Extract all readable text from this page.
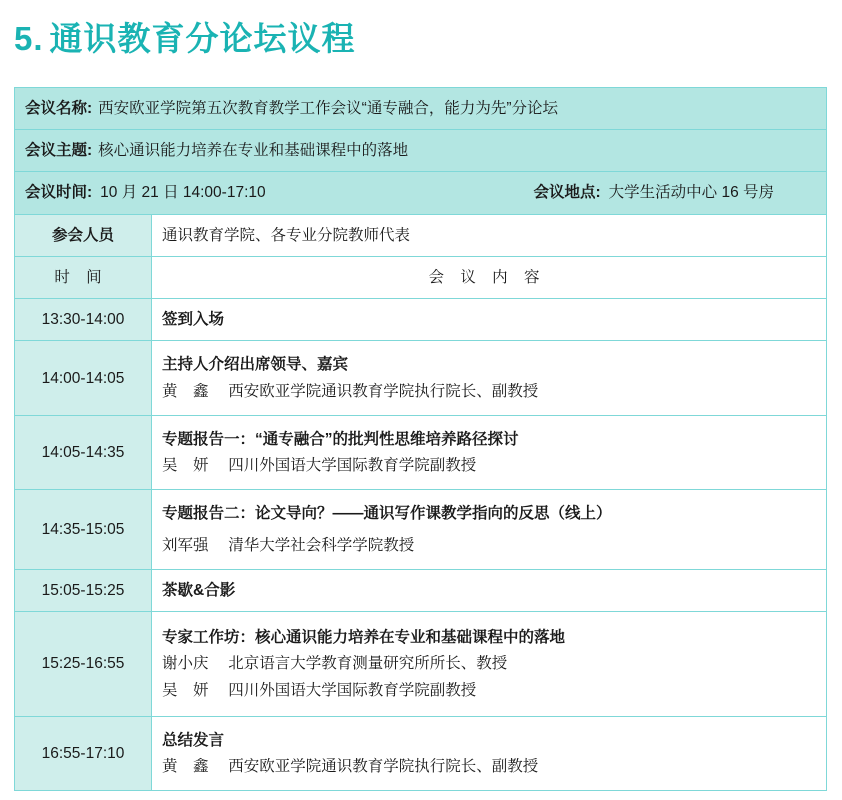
5. 通识教育分论坛议程
会议名称: 西安欧亚学院第五次教育教学工作会议“通专融合，能力为先”分论坛	

会议主题: 核心通识能力培养在专业和基础课程中的落地	

会议时间: 10 月 21 日 14:00-17:10 会议地点: 大学生活动中心 16 号房	

参会人员	通识教育学院、各专业分院教师代表

时 间	会 议 内 容

13:30-14:00	签到入场

14:00-14:05	主持人介绍出席领导、嘉宾
黄　鑫　 西安欧亚学院通识教育学院执行院长、副教授

14:05-14:35	专题报告一：“通专融合”的批判性思维培养路径探讨
吴　妍　 四川外国语大学国际教育学院副教授

14:35-15:05	专题报告二：论文导向？——通识写作课教学指向的反思（线上）
刘军强　 清华大学社会科学学院教授

15:05-15:25	茶歇&合影

15:25-16:55	专家工作坊：核心通识能力培养在专业和基础课程中的落地
谢小庆　 北京语言大学教育测量研究所所长、教授
吴　妍　 四川外国语大学国际教育学院副教授

16:55-17:10	总结发言
黄　鑫　 西安欧亚学院通识教育学院执行院长、副教授
